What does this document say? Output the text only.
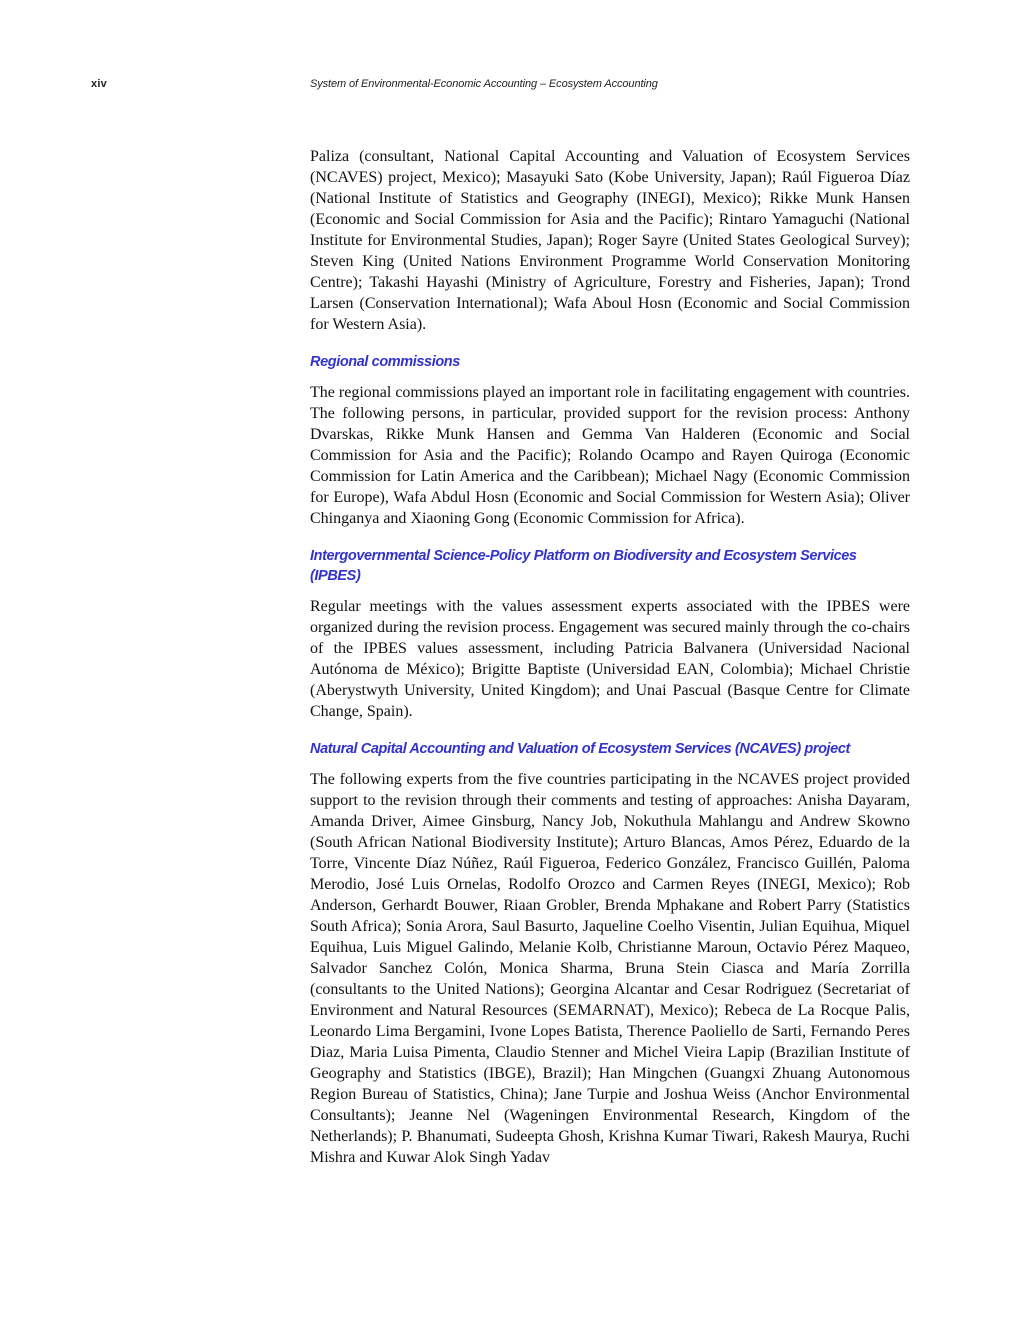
xiv	System of Environmental-Economic Accounting – Ecosystem Accounting

Paliza (consultant, National Capital Accounting and Valuation of Ecosystem Services (NCAVES) project, Mexico); Masayuki Sato (Kobe University, Japan); Raúl Figueroa Díaz (National Institute of Statistics and Geography (INEGI), Mexico); Rikke Munk Hansen (Economic and Social Commission for Asia and the Pacific); Rintaro Yamaguchi (National Institute for Environmental Studies, Japan); Roger Sayre (United States Geological Survey); Steven King (United Nations Environment Programme World Conservation Monitoring Centre); Takashi Hayashi (Ministry of Agriculture, Forestry and Fisheries, Japan); Trond Larsen (Conservation International); Wafa Aboul Hosn (Economic and Social Commission for Western Asia).

Regional commissions

The regional commissions played an important role in facilitating engagement with countries. The following persons, in particular, provided support for the revision process: Anthony Dvarskas, Rikke Munk Hansen and Gemma Van Halderen (Economic and Social Commission for Asia and the Pacific); Rolando Ocampo and Rayen Quiroga (Economic Commission for Latin America and the Caribbean); Michael Nagy (Economic Commission for Europe), Wafa Abdul Hosn (Economic and Social Commission for Western Asia); Oliver Chinganya and Xiaoning Gong (Economic Commission for Africa).

Intergovernmental Science-Policy Platform on Biodiversity and Ecosystem Services (IPBES)

Regular meetings with the values assessment experts associated with the IPBES were organized during the revision process. Engagement was secured mainly through the co-chairs of the IPBES values assessment, including Patricia Balvanera (Universidad Nacional Autónoma de México); Brigitte Baptiste (Universidad EAN, Colombia); Michael Christie (Aberystwyth University, United Kingdom); and Unai Pascual (Basque Centre for Climate Change, Spain).

Natural Capital Accounting and Valuation of Ecosystem Services (NCAVES) project

The following experts from the five countries participating in the NCAVES project provided support to the revision through their comments and testing of approaches: Anisha Dayaram, Amanda Driver, Aimee Ginsburg, Nancy Job, Nokuthula Mahlangu and Andrew Skowno (South African National Biodiversity Institute); Arturo Blancas, Amos Pérez, Eduardo de la Torre, Vincente Díaz Núñez, Raúl Figueroa, Federico González, Francisco Guillén, Paloma Merodio, José Luis Ornelas, Rodolfo Orozco and Carmen Reyes (INEGI, Mexico); Rob Anderson, Gerhardt Bouwer, Riaan Grobler, Brenda Mphakane and Robert Parry (Statistics South Africa); Sonia Arora, Saul Basurto, Jaqueline Coelho Visentin, Julian Equihua, Miquel Equihua, Luis Miguel Galindo, Melanie Kolb, Christianne Maroun, Octavio Pérez Maqueo, Salvador Sanchez Colón, Monica Sharma, Bruna Stein Ciasca and María Zorrilla (consultants to the United Nations); Georgina Alcantar and Cesar Rodriguez (Secretariat of Environment and Natural Resources (SEMARNAT), Mexico); Rebeca de La Rocque Palis, Leonardo Lima Bergamini, Ivone Lopes Batista, Therence Paoliello de Sarti, Fernando Peres Diaz, Maria Luisa Pimenta, Claudio Stenner and Michel Vieira Lapip (Brazilian Institute of Geography and Statistics (IBGE), Brazil); Han Mingchen (Guangxi Zhuang Autonomous Region Bureau of Statistics, China); Jane Turpie and Joshua Weiss (Anchor Environmental Consultants); Jeanne Nel (Wageningen Environmental Research, Kingdom of the Netherlands); P. Bhanumati, Sudeepta Ghosh, Krishna Kumar Tiwari, Rakesh Maurya, Ruchi Mishra and Kuwar Alok Singh Yadav
